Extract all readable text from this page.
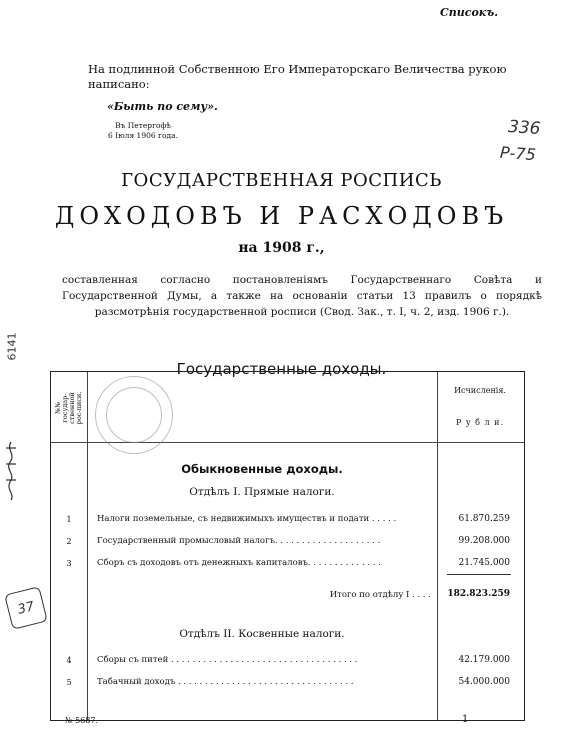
Списокъ.
На подлинной Собственною Его Императорскаго Величества рукою написано:
«Быть по сему».
Въ Петергофѣ
6 Іюля 1906 года.	336
Р-75
ГОСУДАРСТВЕННАЯ РОСПИСЬ
ДОХОДОВЪ И РАСХОДОВЪ
на 1908 г.,
составленная согласно постановленіямъ Государственнаго Совѣта и Государственной Думы, а также на основаніи статьи 13 правилъ о порядкѣ разсмотрѣнія государственной росписи (Свод. Зак., т. I, ч. 2, изд. 1906 г.).
6141
37
Государственные доходы.
№№ государ-ственной рос-писи.
Исчисленія.
Р у б л и.
Обыкновенные доходы.
Отдѣлъ I. Прямые налоги.
1	Налоги поземельные, съ недвижимыхъ имуществъ и подати . . . . .	61.870.259
2	Государственный промысловый налогъ. . . . . . . . . . . . . . . . . . . .	99.208.000
3	Сборъ съ доходовъ отъ денежныхъ капиталовъ. . . . . . . . . . . . . .	21.745.000
Итого по отдѣлу I . . . .	182.823.259
Отдѣлъ II. Косвенные налоги.
4	Сборы съ питей . . . . . . . . . . . . . . . . . . . . . . . . . . . . . . . . . . .	42.179.000
5	Табачный доходъ . . . . . . . . . . . . . . . . . . . . . . . . . . . . . . . . .	54.000.000
№ 5687.	1
